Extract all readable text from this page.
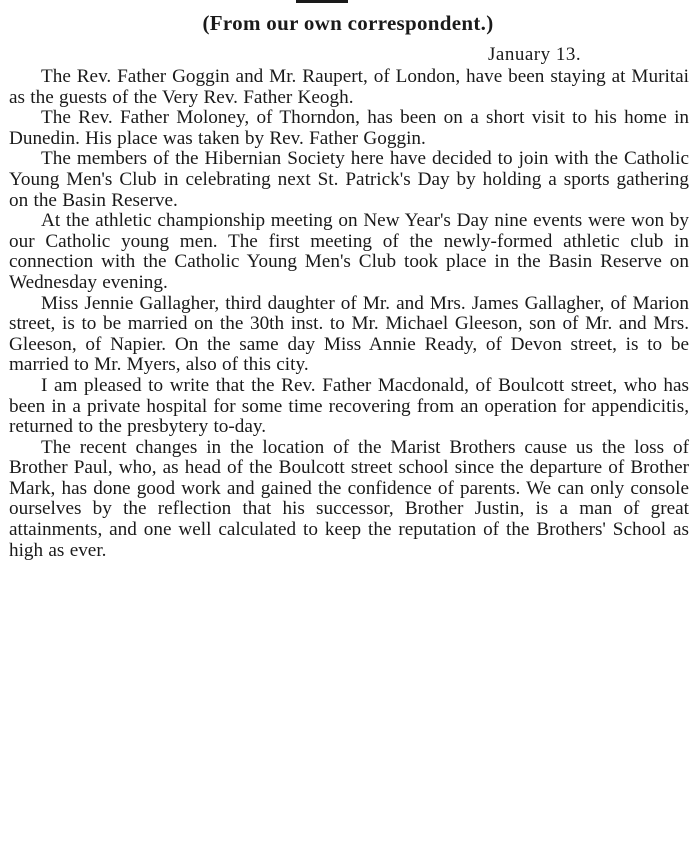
(From our own correspondent.)
January 13.

The Rev. Father Goggin and Mr. Raupert, of London, have been staying at Muritai as the guests of the Very Rev. Father Keogh.

The Rev. Father Moloney, of Thorndon, has been on a short visit to his home in Dunedin. His place was taken by Rev. Father Goggin.

The members of the Hibernian Society here have decided to join with the Catholic Young Men's Club in celebrating next St. Patrick's Day by holding a sports gathering on the Basin Reserve.

At the athletic championship meeting on New Year's Day nine events were won by our Catholic young men. The first meeting of the newly-formed athletic club in connection with the Catholic Young Men's Club took place in the Basin Reserve on Wednesday evening.

Miss Jennie Gallagher, third daughter of Mr. and Mrs. James Gallagher, of Marion street, is to be married on the 30th inst. to Mr. Michael Gleeson, son of Mr. and Mrs. Gleeson, of Napier. On the same day Miss Annie Ready, of Devon street, is to be married to Mr. Myers, also of this city.

I am pleased to write that the Rev. Father Macdonald, of Boulcott street, who has been in a private hospital for some time recovering from an operation for appendicitis, returned to the presbytery to-day.

The recent changes in the location of the Marist Brothers cause us the loss of Brother Paul, who, as head of the Boulcott street school since the departure of Brother Mark, has done good work and gained the confidence of parents. We can only console ourselves by the reflection that his successor, Brother Justin, is a man of great attainments, and one well calculated to keep the reputation of the Brothers' School as high as ever.
